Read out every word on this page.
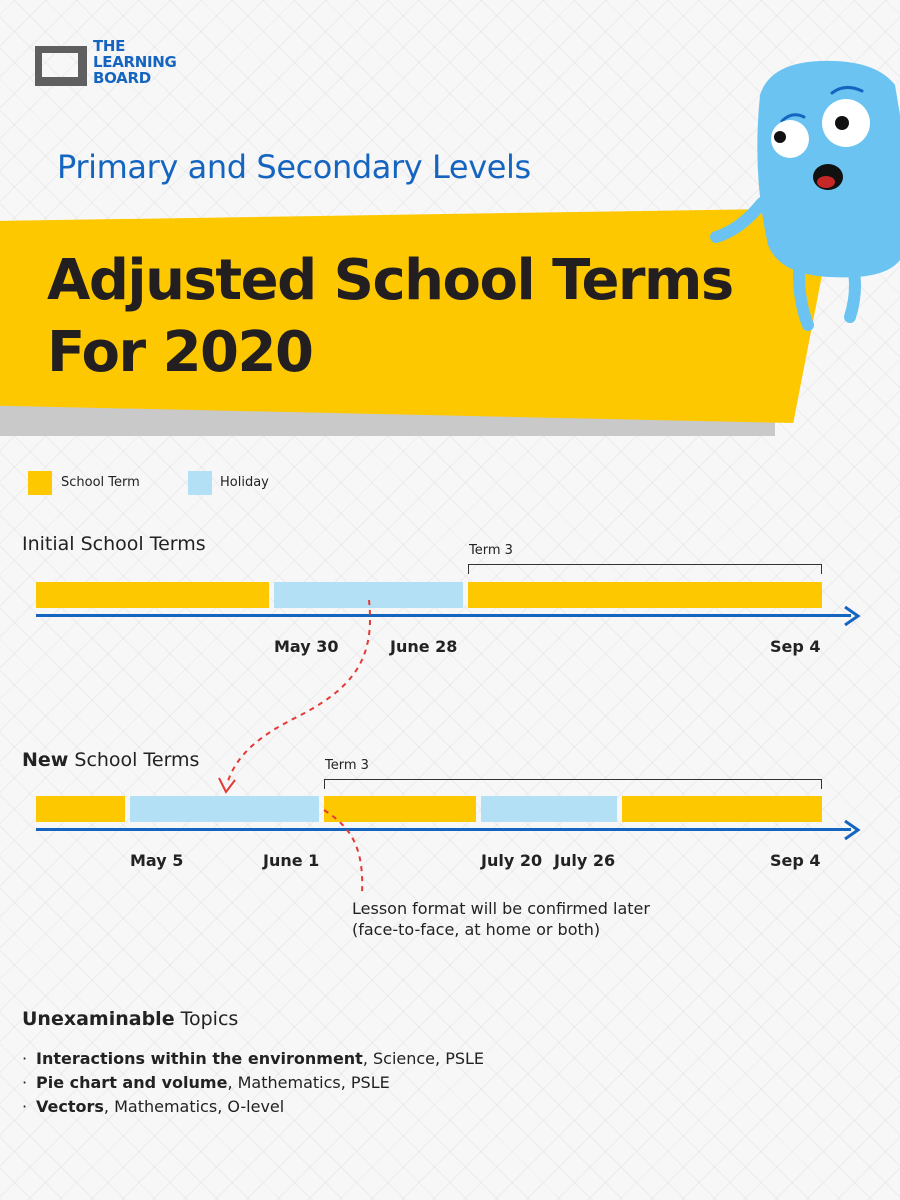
THE
LEARNING
BOARD
Primary and Secondary Levels
Adjusted School Terms
For 2020
School Term	Holiday
Initial School Terms	Term 3
May 30	June 28	Sep 4
New School Terms	Term 3
May 5	June 1	July 20 July 26	Sep 4
Lesson format will be confirmed later
(face-to-face, at home or both)
Unexaminable Topics
· Interactions within the environment, Science, PSLE
· Pie chart and volume, Mathematics, PSLE
· Vectors, Mathematics, O-level
